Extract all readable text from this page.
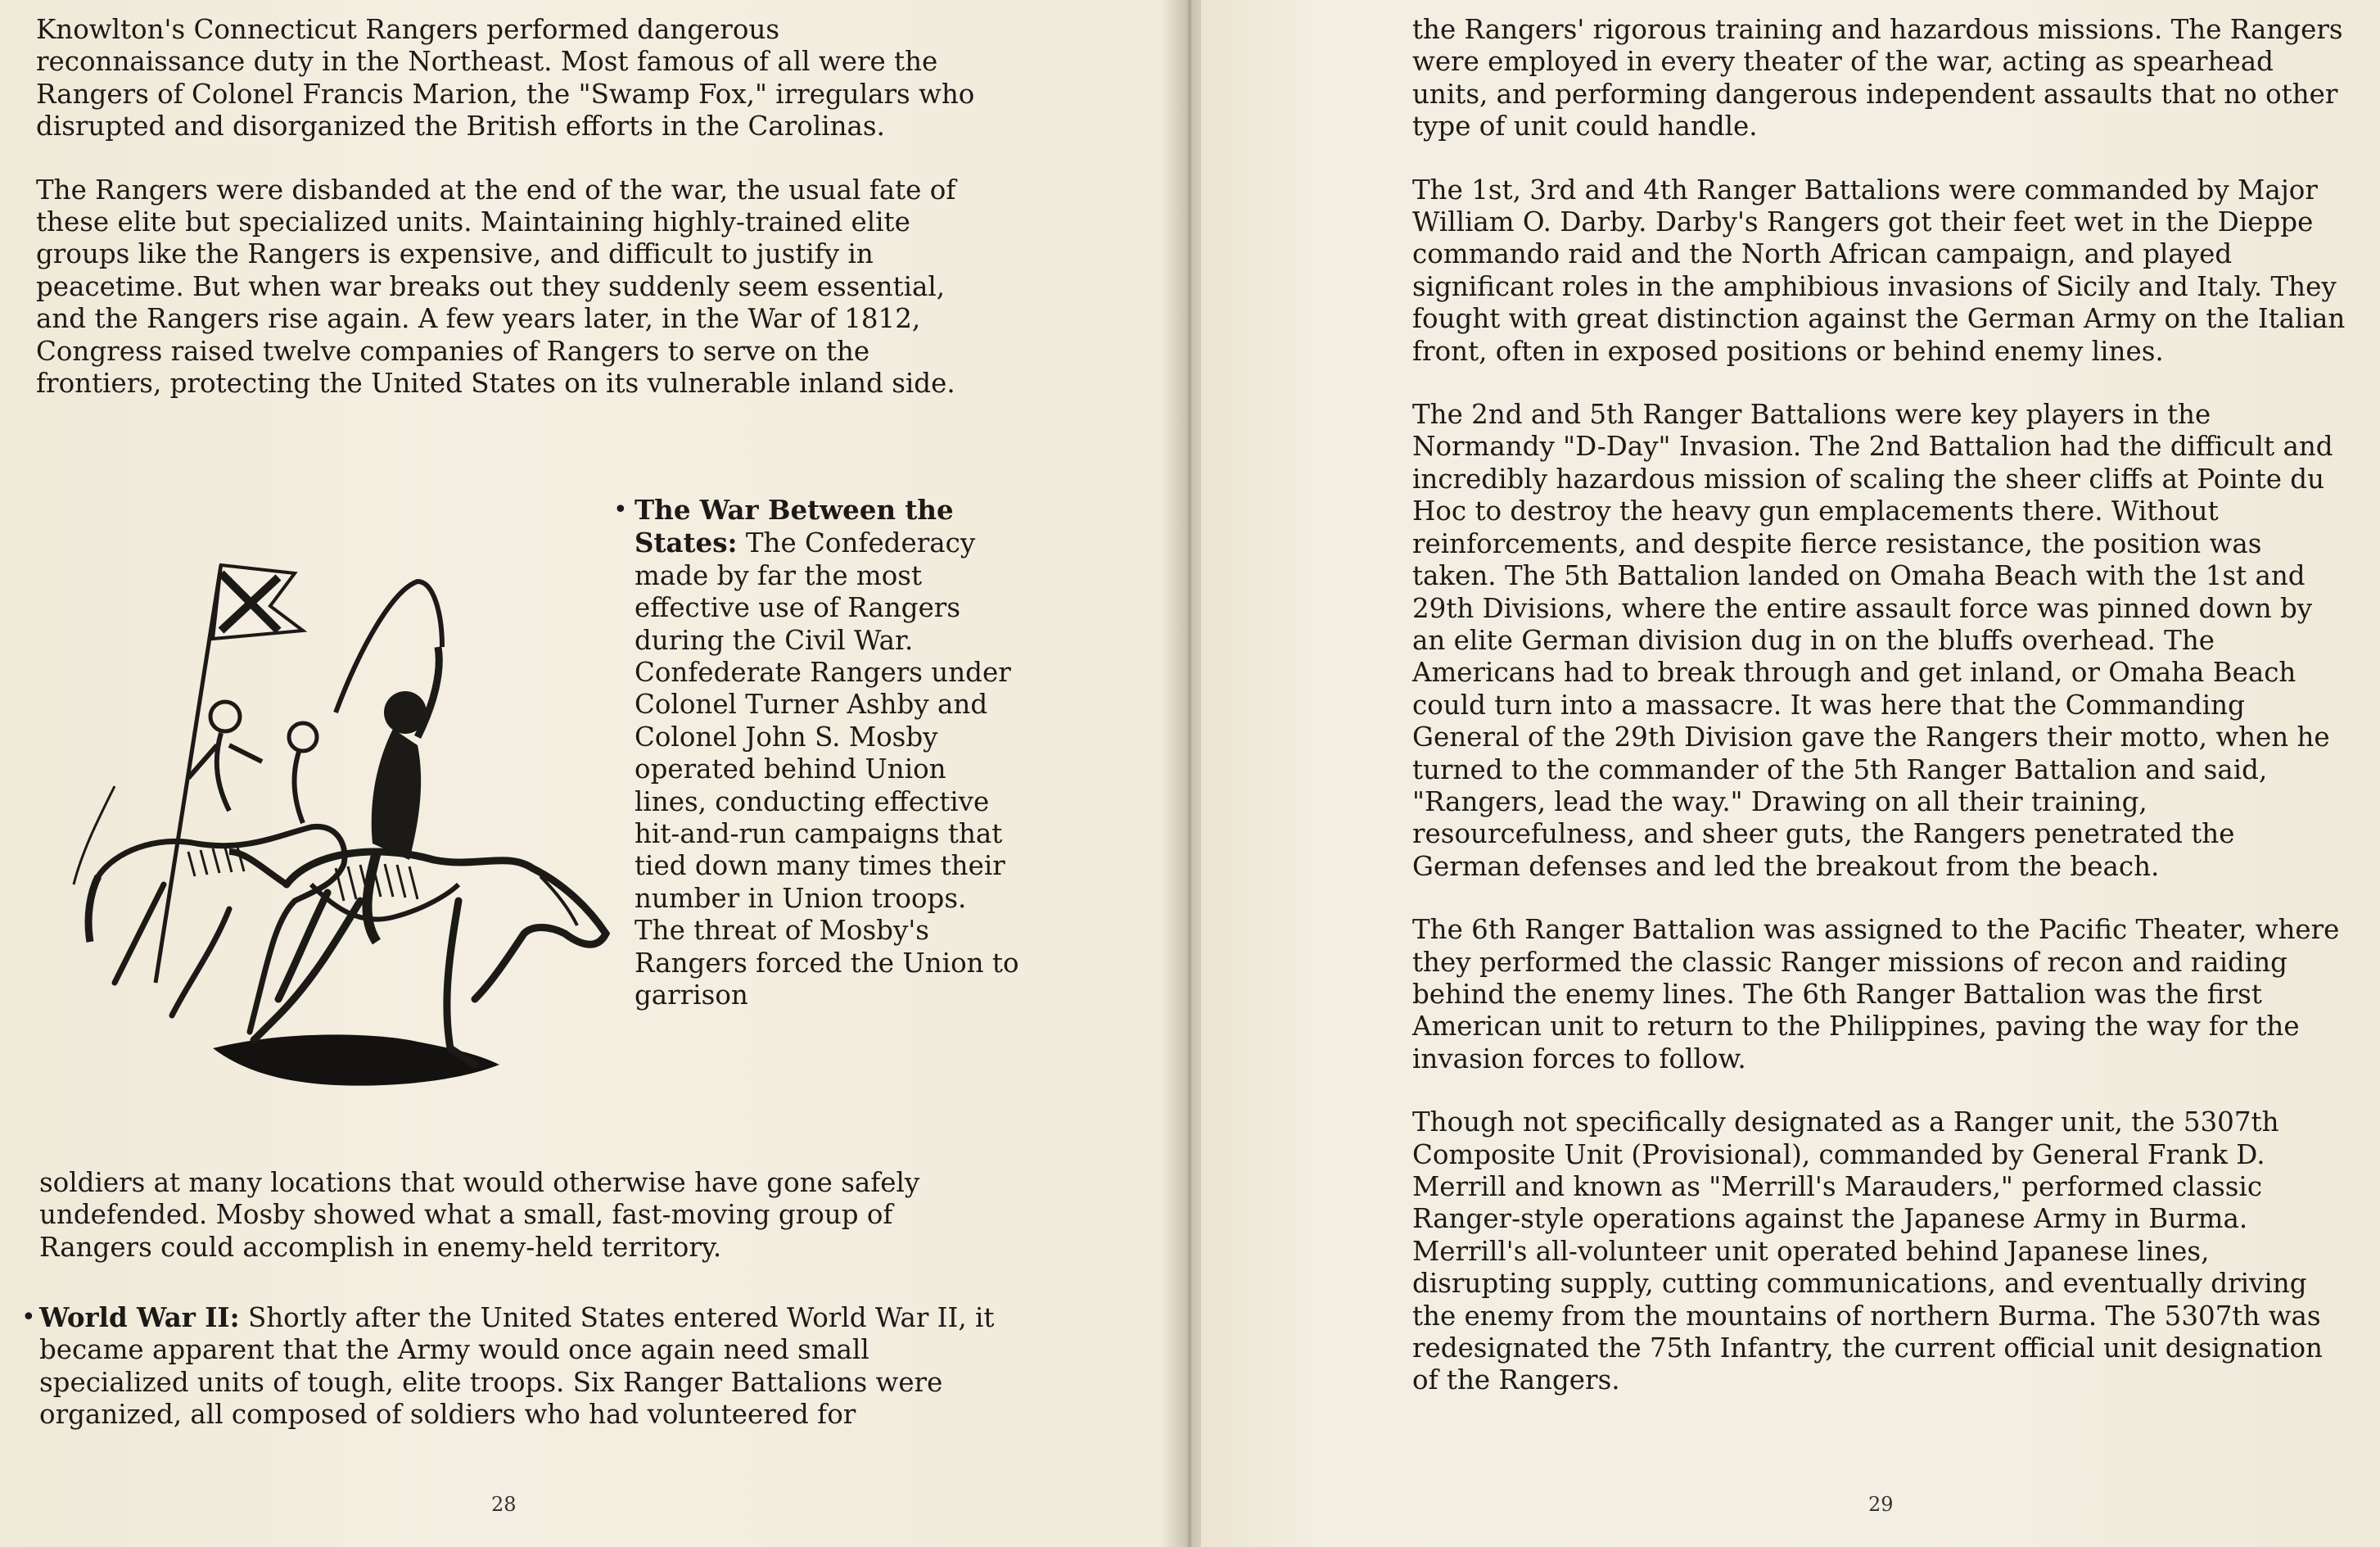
Knowlton's Connecticut Rangers performed dangerous reconnaissance duty in the Northeast. Most famous of all were the Rangers of Colonel Francis Marion, the "Swamp Fox," irregulars who disrupted and disorganized the British efforts in the Carolinas.

The Rangers were disbanded at the end of the war, the usual fate of these elite but specialized units. Maintaining highly-trained elite groups like the Rangers is expensive, and difficult to justify in peacetime. But when war breaks out they suddenly seem essential, and the Rangers rise again. A few years later, in the War of 1812, Congress raised twelve companies of Rangers to serve on the frontiers, protecting the United States on its vulnerable inland side.

• The War Between the States: The Confederacy made by far the most effective use of Rangers during the Civil War. Confederate Rangers under Colonel Turner Ashby and Colonel John S. Mosby operated behind Union lines, conducting effective hit-and-run campaigns that tied down many times their number in Union troops. The threat of Mosby's Rangers forced the Union to garrison
soldiers at many locations that would otherwise have gone safely undefended. Mosby showed what a small, fast-moving group of Rangers could accomplish in enemy-held territory.
• World War II: Shortly after the United States entered World War II, it became apparent that the Army would once again need small specialized units of tough, elite troops. Six Ranger Battalions were organized, all composed of soldiers who had volunteered for
28

the Rangers' rigorous training and hazardous missions. The Rangers were employed in every theater of the war, acting as spearhead units, and performing dangerous independent assaults that no other type of unit could handle.

The 1st, 3rd and 4th Ranger Battalions were commanded by Major William O. Darby. Darby's Rangers got their feet wet in the Dieppe commando raid and the North African campaign, and played significant roles in the amphibious invasions of Sicily and Italy. They fought with great distinction against the German Army on the Italian front, often in exposed positions or behind enemy lines.

The 2nd and 5th Ranger Battalions were key players in the Normandy "D-Day" Invasion. The 2nd Battalion had the difficult and incredibly hazardous mission of scaling the sheer cliffs at Pointe du Hoc to destroy the heavy gun emplacements there. Without reinforcements, and despite fierce resistance, the position was taken. The 5th Battalion landed on Omaha Beach with the 1st and 29th Divisions, where the entire assault force was pinned down by an elite German division dug in on the bluffs overhead. The Americans had to break through and get inland, or Omaha Beach could turn into a massacre. It was here that the Commanding General of the 29th Division gave the Rangers their motto, when he turned to the commander of the 5th Ranger Battalion and said, "Rangers, lead the way." Drawing on all their training, resourcefulness, and sheer guts, the Rangers penetrated the German defenses and led the breakout from the beach.

The 6th Ranger Battalion was assigned to the Pacific Theater, where they performed the classic Ranger missions of recon and raiding behind the enemy lines. The 6th Ranger Battalion was the first American unit to return to the Philippines, paving the way for the invasion forces to follow.

Though not specifically designated as a Ranger unit, the 5307th Composite Unit (Provisional), commanded by General Frank D. Merrill and known as "Merrill's Marauders," performed classic Ranger-style operations against the Japanese Army in Burma. Merrill's all-volunteer unit operated behind Japanese lines, disrupting supply, cutting communications, and eventually driving the enemy from the mountains of northern Burma. The 5307th was redesignated the 75th Infantry, the current official unit designation of the Rangers.

29
